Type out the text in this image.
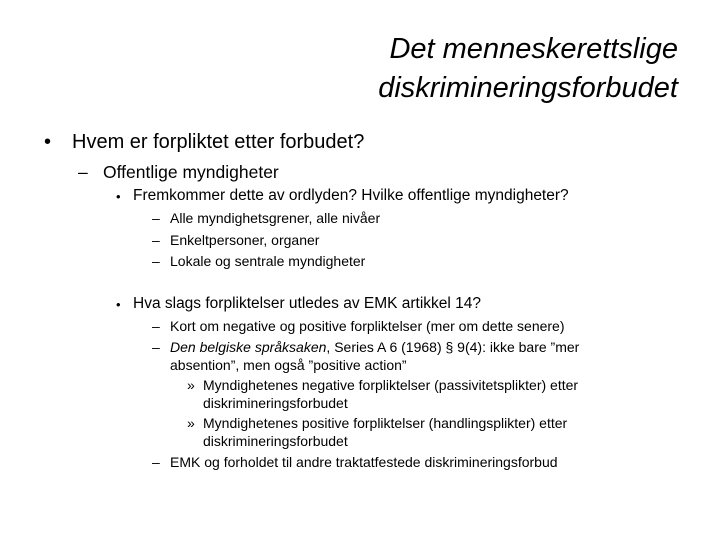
Det menneskerettslige
diskrimineringsforbudet
• Hvem er forpliktet etter forbudet?
– Offentlige myndigheter
• Fremkommer dette av ordlyden? Hvilke offentlige myndigheter?
– Alle myndighetsgrener, alle nivåer
– Enkeltpersoner, organer
– Lokale og sentrale myndigheter
• Hva slags forpliktelser utledes av EMK artikkel 14?
– Kort om negative og positive forpliktelser (mer om dette senere)
– Den belgiske språksaken, Series A 6 (1968) § 9(4): ikke bare ”mer
absention”, men også ”positive action”
» Myndighetenes negative forpliktelser (passivitetsplikter) etter
diskrimineringsforbudet
» Myndighetenes positive forpliktelser (handlingsplikter) etter
diskrimineringsforbudet
– EMK og forholdet til andre traktatfestede diskrimineringsforbud
